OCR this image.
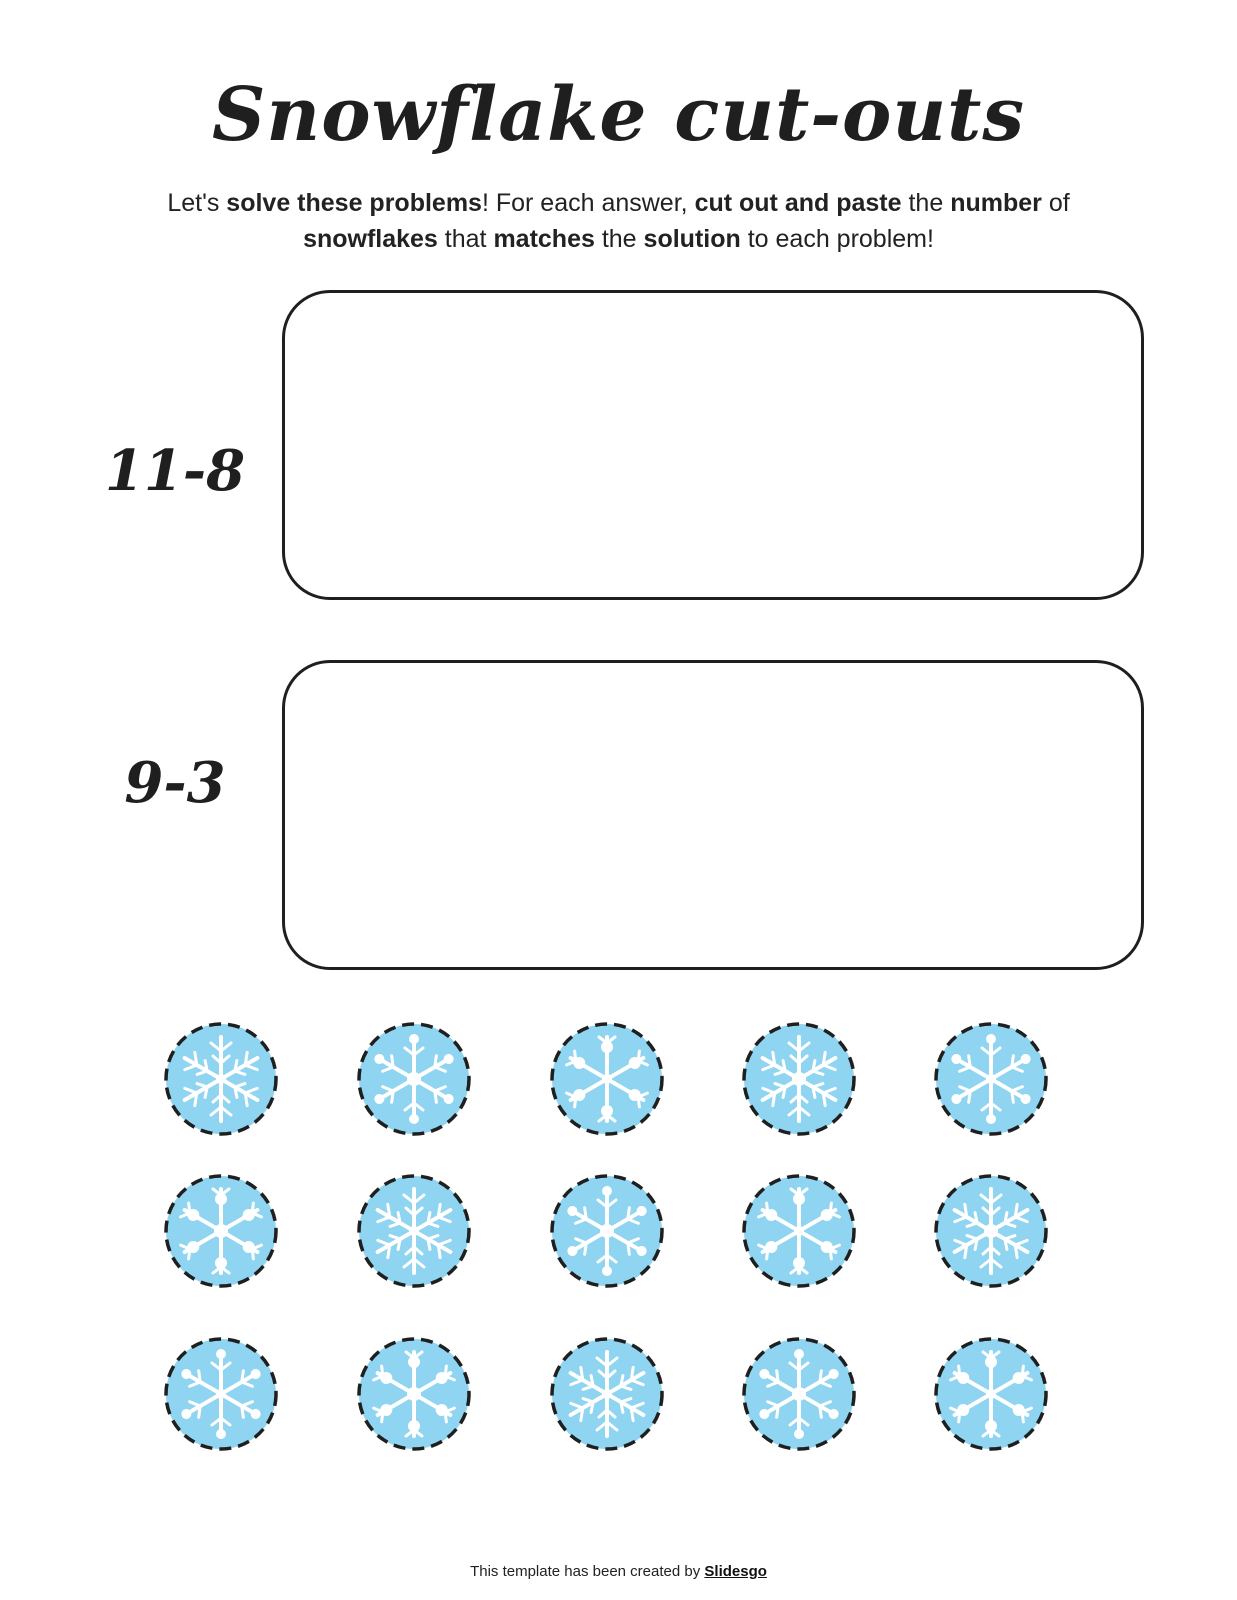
Snowflake cut-outs

Let's solve these problems! For each answer, cut out and paste the number of snowflakes that matches the solution to each problem!

11-8
9-3
This template has been created by Slidesgo
